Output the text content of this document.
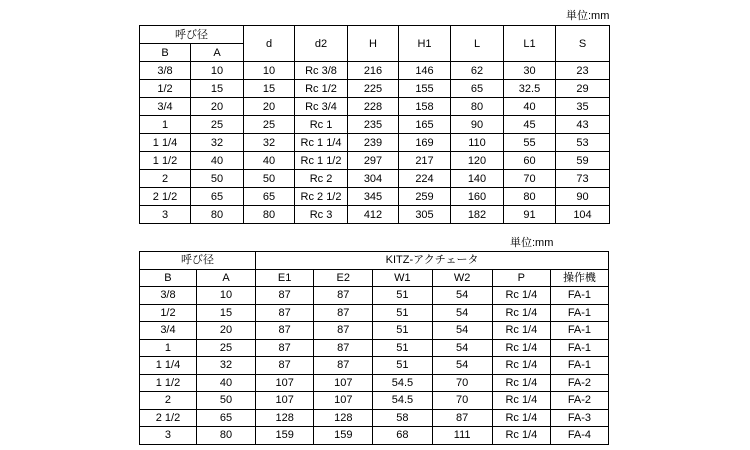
単位:mm
呼び径		d	d2	H	H1	L	L1	S
B	A							
3/8	10	10	Rc 3/8	216	146	62	30	23
1/2	15	15	Rc 1/2	225	155	65	32.5	29
3/4	20	20	Rc 3/4	228	158	80	40	35
1	25	25	Rc 1	235	165	90	45	43
1 1/4	32	32	Rc 1 1/4	239	169	110	55	53
1 1/2	40	40	Rc 1 1/2	297	217	120	60	59
2	50	50	Rc 2	304	224	140	70	73
2 1/2	65	65	Rc 2 1/2	345	259	160	80	90
3	80	80	Rc 3	412	305	182	91	104
単位:mm
呼び径		KITZ-アクチェータ					
B	A	E1	E2	W1	W2	P	操作機
3/8	10	87	87	51	54	Rc 1/4	FA-1
1/2	15	87	87	51	54	Rc 1/4	FA-1
3/4	20	87	87	51	54	Rc 1/4	FA-1
1	25	87	87	51	54	Rc 1/4	FA-1
1 1/4	32	87	87	51	54	Rc 1/4	FA-1
1 1/2	40	107	107	54.5	70	Rc 1/4	FA-2
2	50	107	107	54.5	70	Rc 1/4	FA-2
2 1/2	65	128	128	58	87	Rc 1/4	FA-3
3	80	159	159	68	111	Rc 1/4	FA-4
